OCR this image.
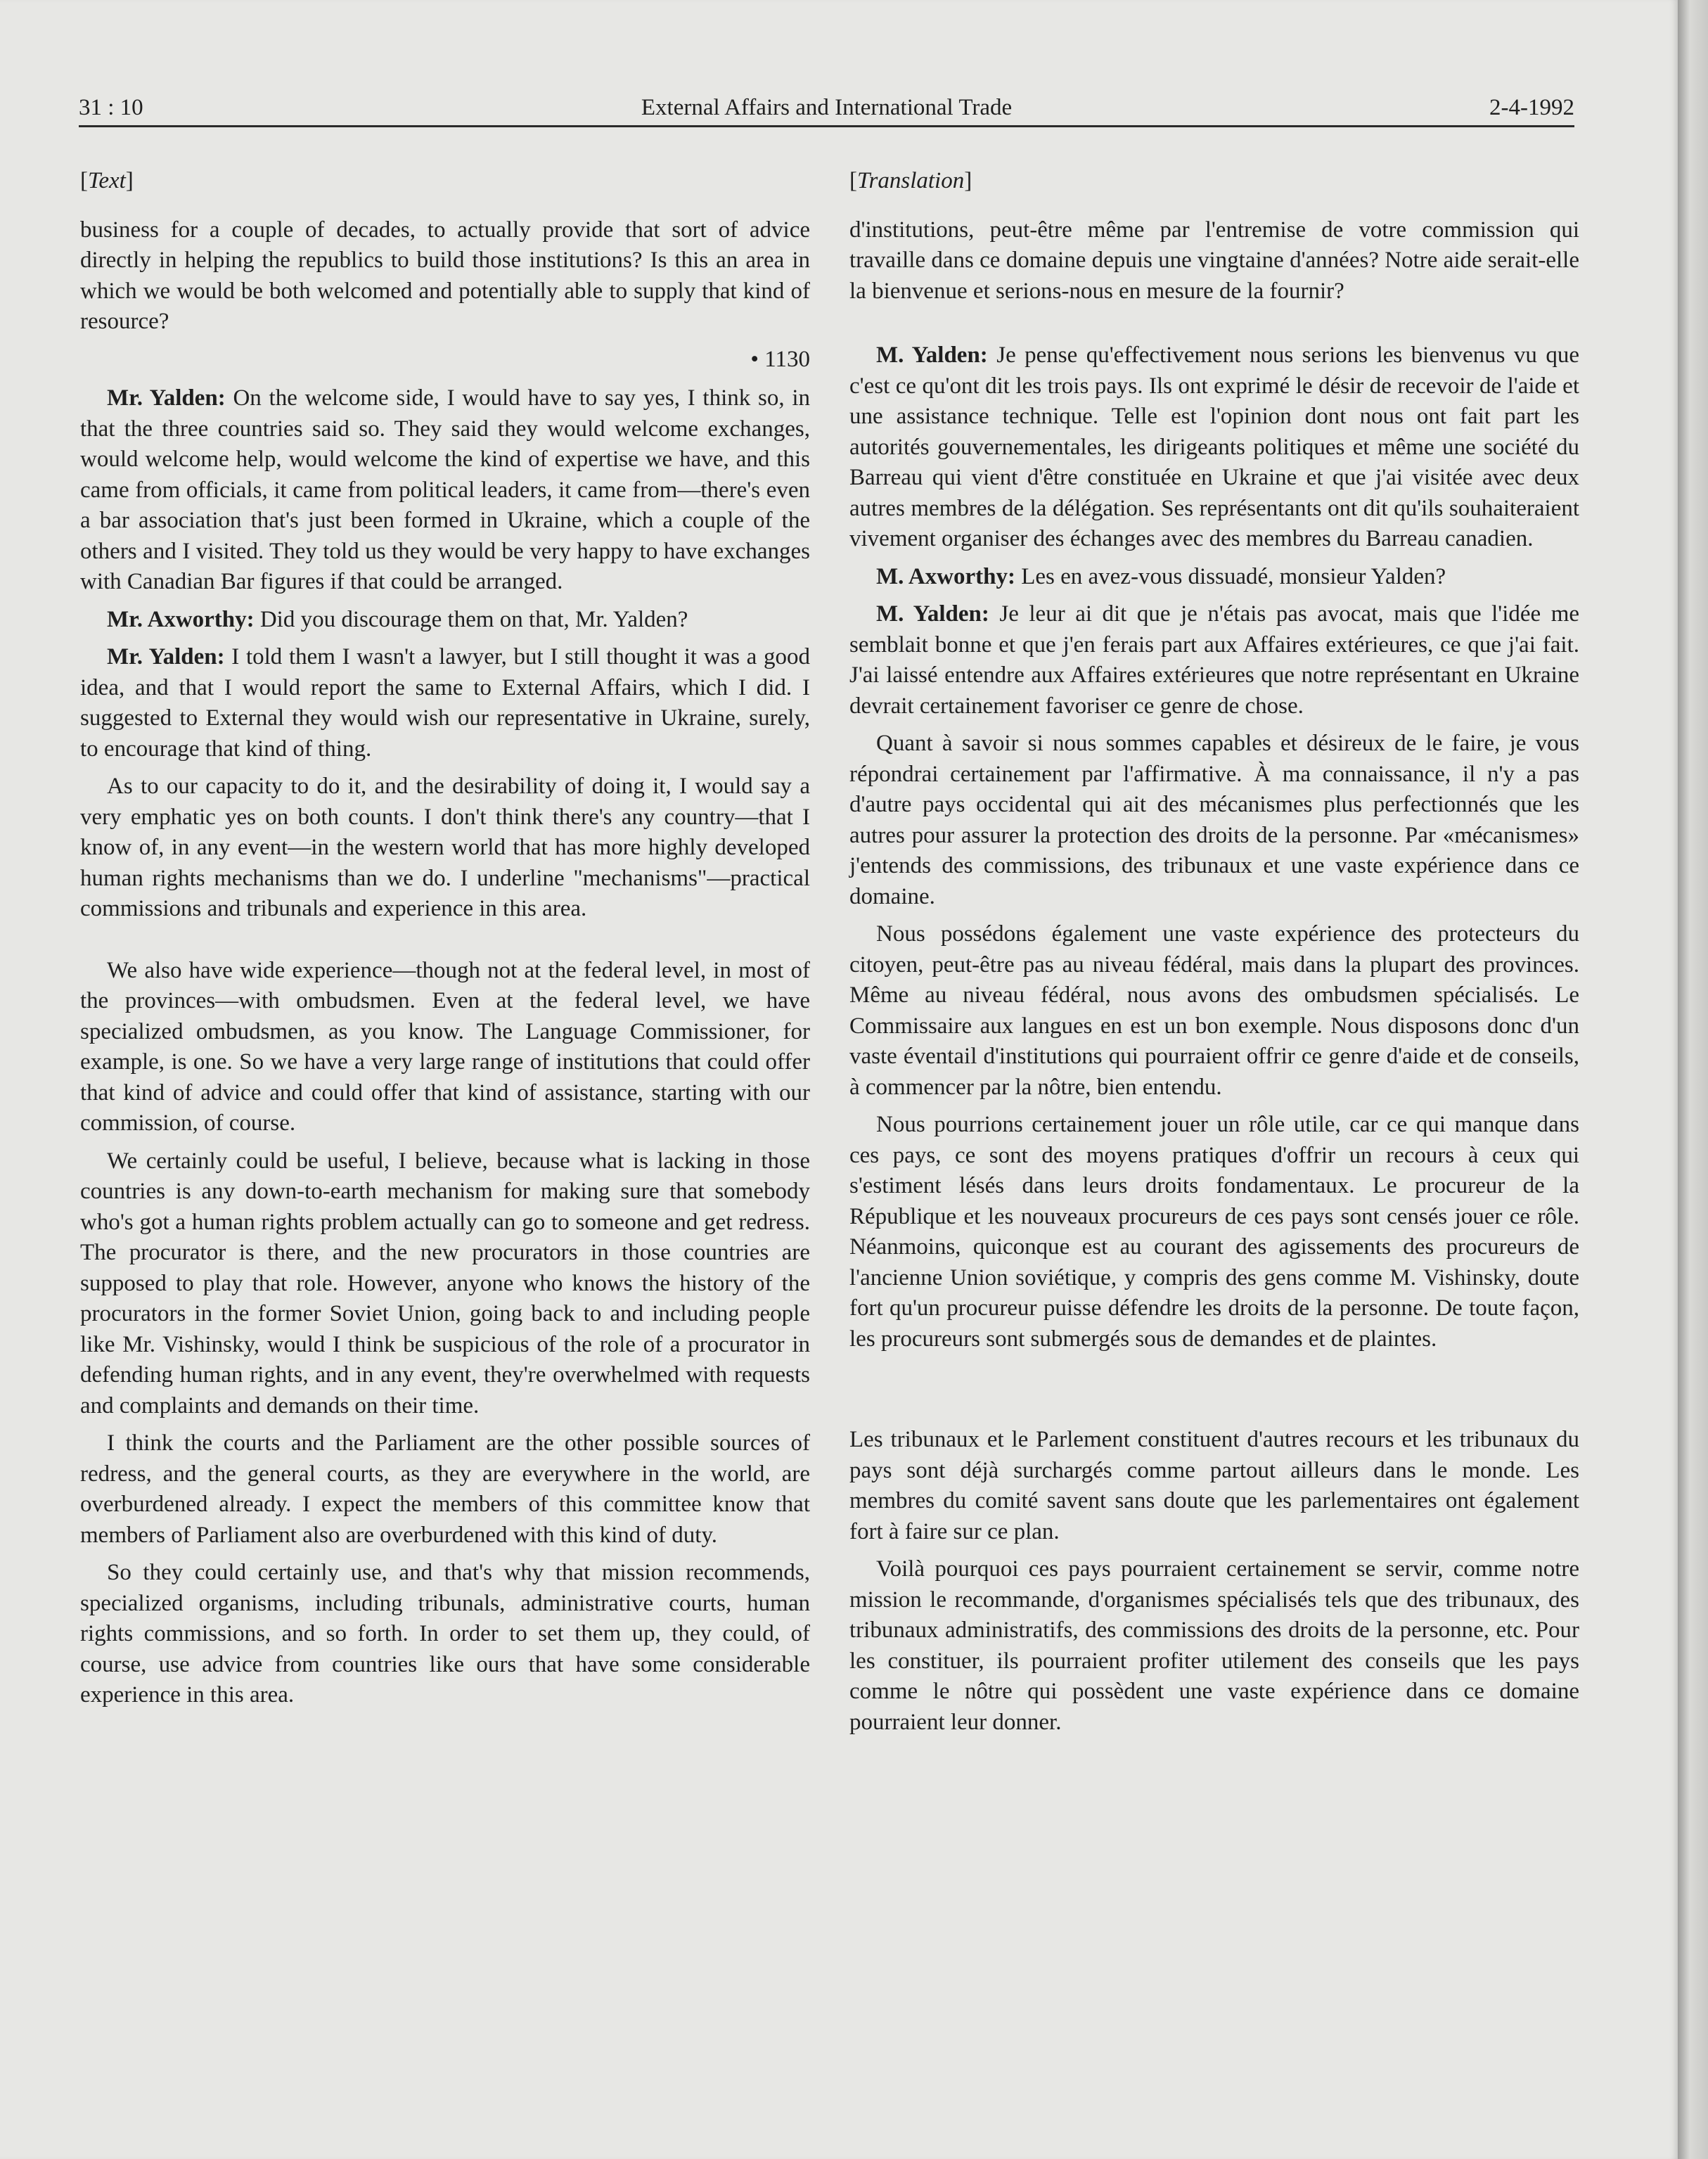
31 : 10	External Affairs and International Trade	2-4-1992
[Text]

business for a couple of decades, to actually provide that sort of advice directly in helping the republics to build those institutions? Is this an area in which we would be both welcomed and potentially able to supply that kind of resource?

• 1130

Mr. Yalden: On the welcome side, I would have to say yes, I think so, in that the three countries said so. They said they would welcome exchanges, would welcome help, would welcome the kind of expertise we have, and this came from officials, it came from political leaders, it came from—there's even a bar association that's just been formed in Ukraine, which a couple of the others and I visited. They told us they would be very happy to have exchanges with Canadian Bar figures if that could be arranged.

Mr. Axworthy: Did you discourage them on that, Mr. Yalden?

Mr. Yalden: I told them I wasn't a lawyer, but I still thought it was a good idea, and that I would report the same to External Affairs, which I did. I suggested to External they would wish our representative in Ukraine, surely, to encourage that kind of thing.

As to our capacity to do it, and the desirability of doing it, I would say a very emphatic yes on both counts. I don't think there's any country—that I know of, in any event—in the western world that has more highly developed human rights mechanisms than we do. I underline "mechanisms"—practical commissions and tribunals and experience in this area.

We also have wide experience—though not at the federal level, in most of the provinces—with ombudsmen. Even at the federal level, we have specialized ombudsmen, as you know. The Language Commissioner, for example, is one. So we have a very large range of institutions that could offer that kind of advice and could offer that kind of assistance, starting with our commission, of course.

We certainly could be useful, I believe, because what is lacking in those countries is any down-to-earth mechanism for making sure that somebody who's got a human rights problem actually can go to someone and get redress. The procurator is there, and the new procurators in those countries are supposed to play that role. However, anyone who knows the history of the procurators in the former Soviet Union, going back to and including people like Mr. Vishinsky, would I think be suspicious of the role of a procurator in defending human rights, and in any event, they're overwhelmed with requests and complaints and demands on their time.

I think the courts and the Parliament are the other possible sources of redress, and the general courts, as they are everywhere in the world, are overburdened already. I expect the members of this committee know that members of Parliament also are overburdened with this kind of duty.

So they could certainly use, and that's why that mission recommends, specialized organisms, including tribunals, administrative courts, human rights commissions, and so forth. In order to set them up, they could, of course, use advice from countries like ours that have some considerable experience in this area.

[Translation]

d'institutions, peut-être même par l'entremise de votre commission qui travaille dans ce domaine depuis une vingtaine d'années? Notre aide serait-elle la bienvenue et serions-nous en mesure de la fournir?

M. Yalden: Je pense qu'effectivement nous serions les bienvenus vu que c'est ce qu'ont dit les trois pays. Ils ont exprimé le désir de recevoir de l'aide et une assistance technique. Telle est l'opinion dont nous ont fait part les autorités gouvernementales, les dirigeants politiques et même une société du Barreau qui vient d'être constituée en Ukraine et que j'ai visitée avec deux autres membres de la délégation. Ses représentants ont dit qu'ils souhaiteraient vivement organiser des échanges avec des membres du Barreau canadien.

M. Axworthy: Les en avez-vous dissuadé, monsieur Yalden?

M. Yalden: Je leur ai dit que je n'étais pas avocat, mais que l'idée me semblait bonne et que j'en ferais part aux Affaires extérieures, ce que j'ai fait. J'ai laissé entendre aux Affaires extérieures que notre représentant en Ukraine devrait certainement favoriser ce genre de chose.

Quant à savoir si nous sommes capables et désireux de le faire, je vous répondrai certainement par l'affirmative. À ma connaissance, il n'y a pas d'autre pays occidental qui ait des mécanismes plus perfectionnés que les autres pour assurer la protection des droits de la personne. Par «mécanismes» j'entends des commissions, des tribunaux et une vaste expérience dans ce domaine.

Nous possédons également une vaste expérience des protecteurs du citoyen, peut-être pas au niveau fédéral, mais dans la plupart des provinces. Même au niveau fédéral, nous avons des ombudsmen spécialisés. Le Commissaire aux langues en est un bon exemple. Nous disposons donc d'un vaste éventail d'institutions qui pourraient offrir ce genre d'aide et de conseils, à commencer par la nôtre, bien entendu.

Nous pourrions certainement jouer un rôle utile, car ce qui manque dans ces pays, ce sont des moyens pratiques d'offrir un recours à ceux qui s'estiment lésés dans leurs droits fondamentaux. Le procureur de la République et les nouveaux procureurs de ces pays sont censés jouer ce rôle. Néanmoins, quiconque est au courant des agissements des procureurs de l'ancienne Union soviétique, y compris des gens comme M. Vishinsky, doute fort qu'un procureur puisse défendre les droits de la personne. De toute façon, les procureurs sont submergés sous de demandes et de plaintes.

Les tribunaux et le Parlement constituent d'autres recours et les tribunaux du pays sont déjà surchargés comme partout ailleurs dans le monde. Les membres du comité savent sans doute que les parlementaires ont également fort à faire sur ce plan.

Voilà pourquoi ces pays pourraient certainement se servir, comme notre mission le recommande, d'organismes spécialisés tels que des tribunaux, des tribunaux administratifs, des commissions des droits de la personne, etc. Pour les constituer, ils pourraient profiter utilement des conseils que les pays comme le nôtre qui possèdent une vaste expérience dans ce domaine pourraient leur donner.
